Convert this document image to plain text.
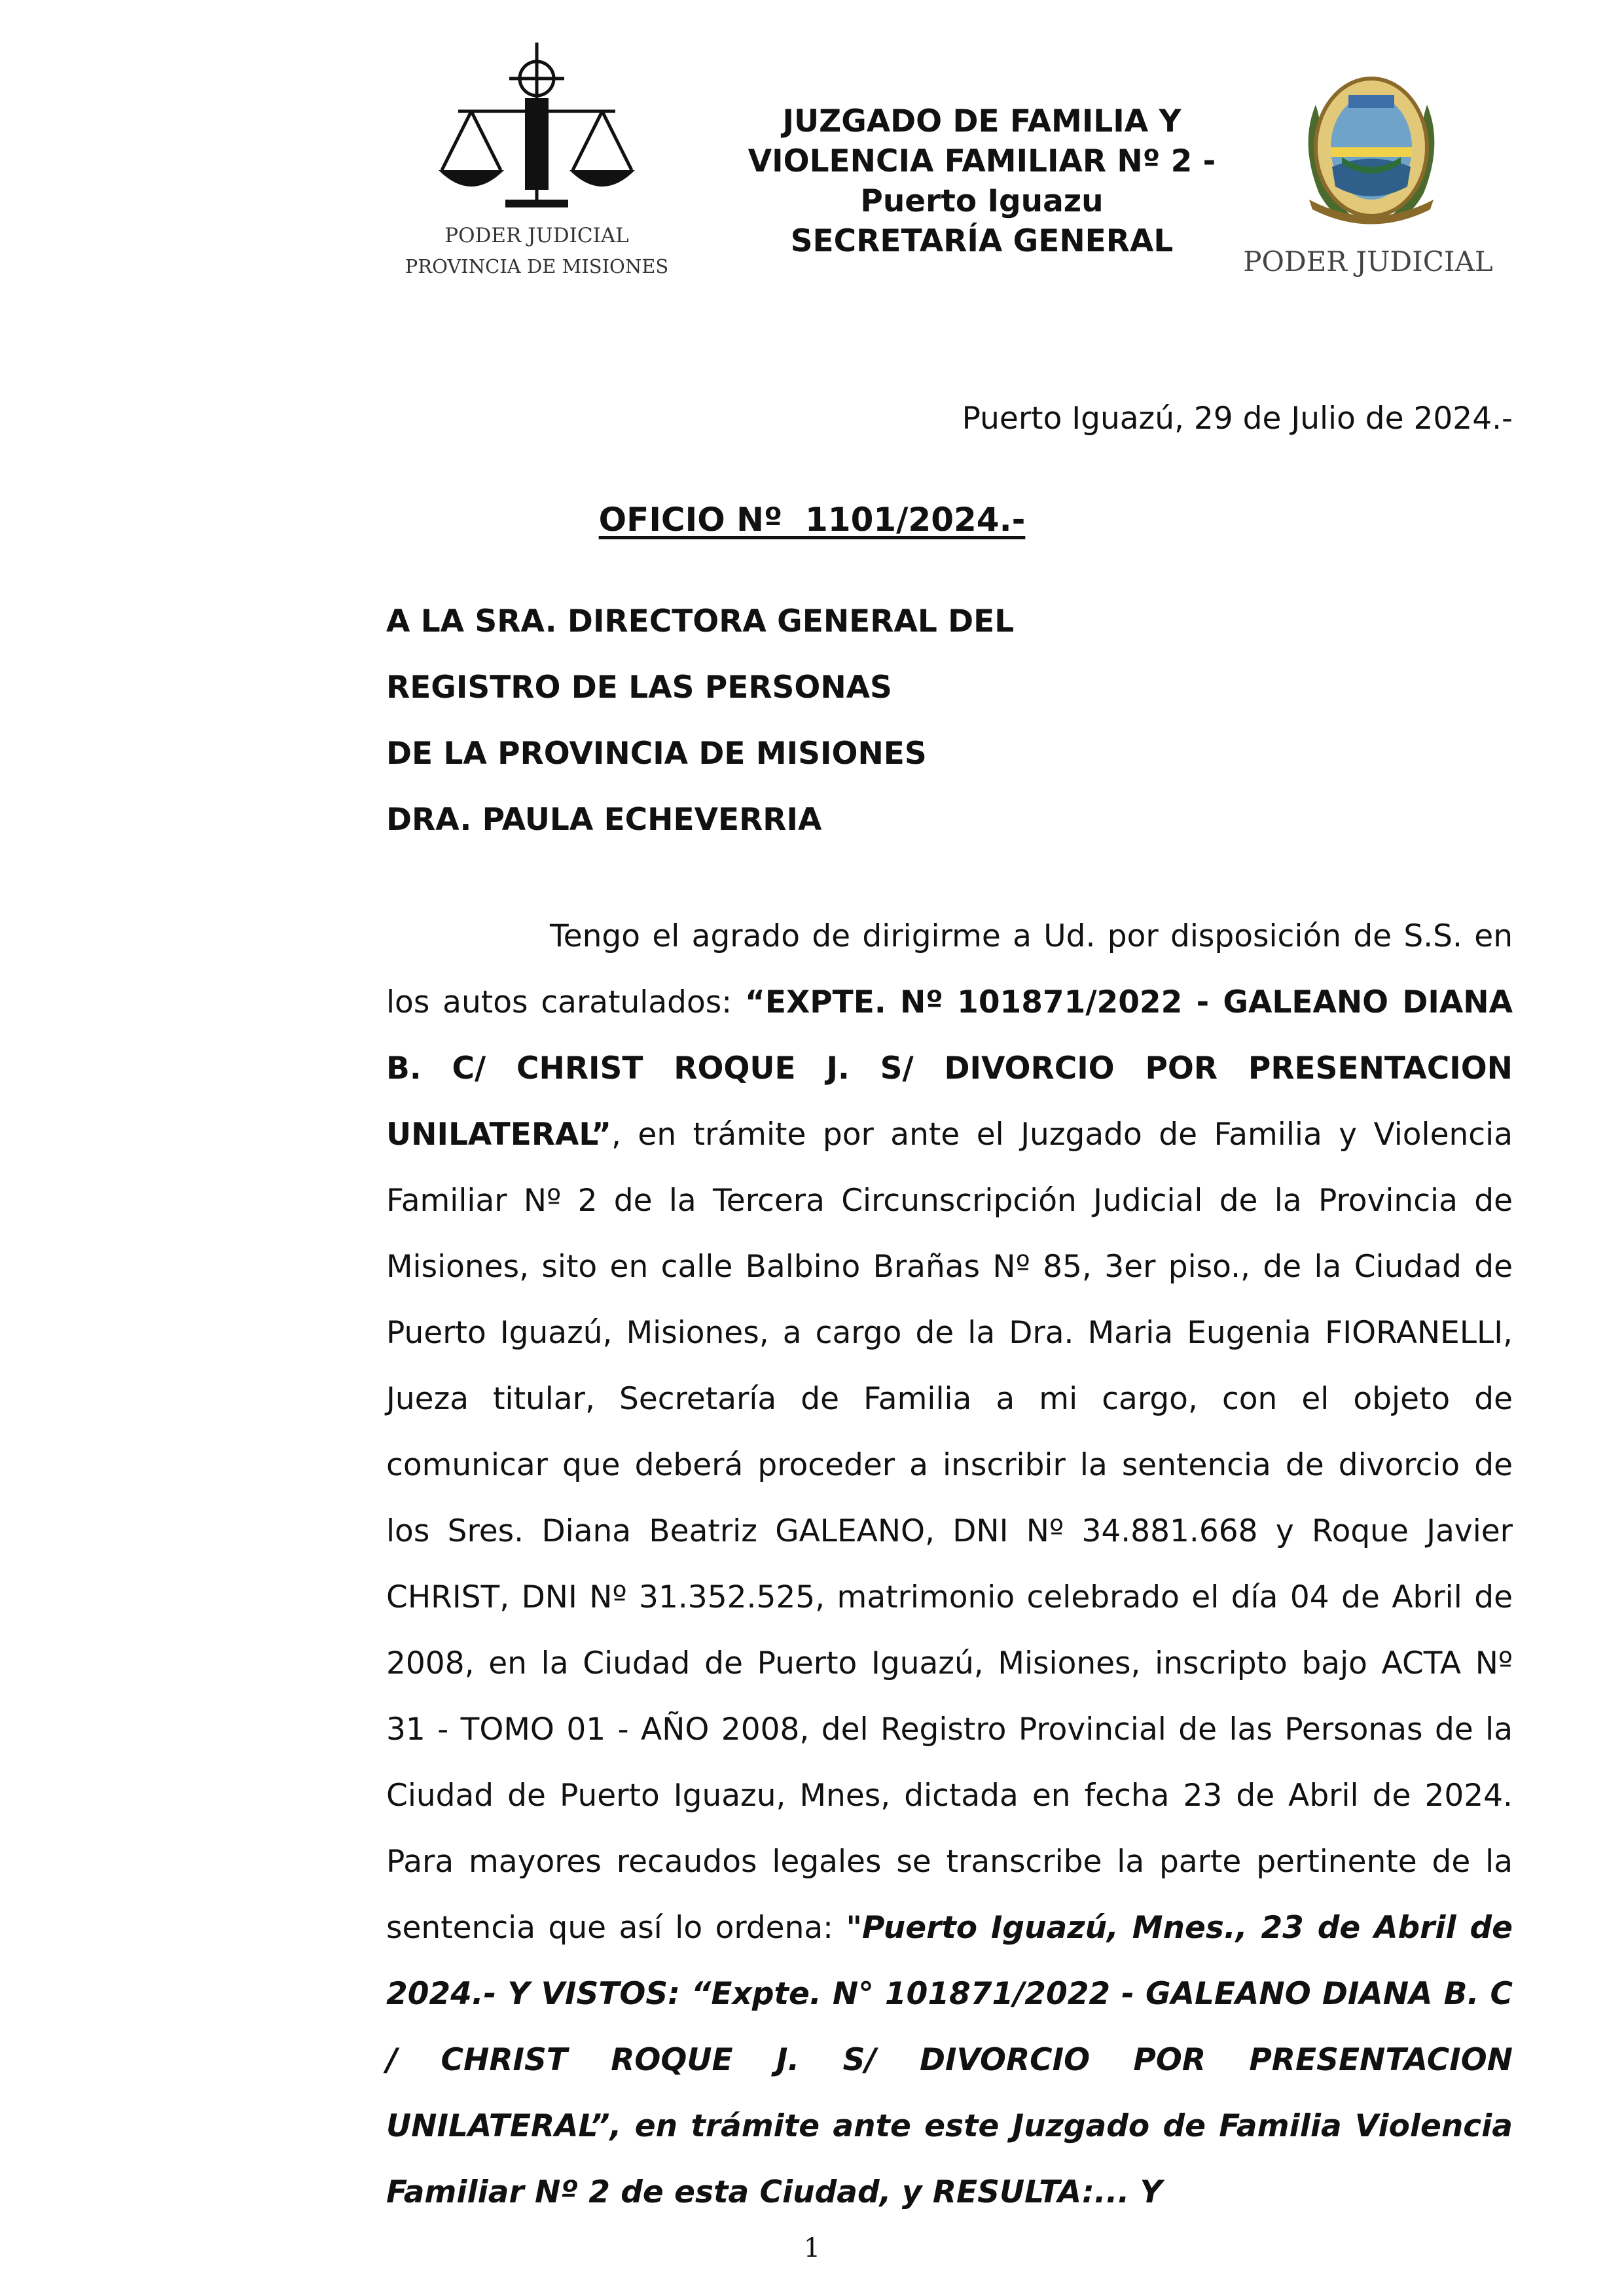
PODER JUDICIAL
PROVINCIA DE MISIONES
JUZGADO DE FAMILIA Y
VIOLENCIA FAMILIAR Nº 2 -
Puerto Iguazu
SECRETARÍA GENERAL
PODER JUDICIAL
Puerto Iguazú, 29 de Julio de 2024.-
OFICIO Nº  1101/2024.-
A LA SRA. DIRECTORA GENERAL DEL
REGISTRO DE LAS PERSONAS
DE LA PROVINCIA DE MISIONES
DRA. PAULA ECHEVERRIA

Tengo el agrado de dirigirme a Ud. por disposición de S.S. en los autos caratulados: “EXPTE. Nº 101871/2022 - GALEANO DIANA B. C/ CHRIST ROQUE J. S/ DIVORCIO POR PRESENTACION UNILATERAL”, en trámite por ante el Juzgado de Familia y Violencia Familiar Nº 2 de la Tercera Circunscripción Judicial de la Provincia de Misiones, sito en calle Balbino Brañas Nº 85, 3er piso., de la Ciudad de Puerto Iguazú, Misiones, a cargo de la Dra. Maria Eugenia FIORANELLI, Jueza titular, Secretaría de Familia a mi cargo, con el objeto de comunicar que deberá proceder a inscribir la sentencia de divorcio de los Sres. Diana Beatriz GALEANO, DNI Nº 34.881.668 y Roque Javier CHRIST, DNI Nº 31.352.525, matrimonio celebrado el día 04 de Abril de 2008, en la Ciudad de Puerto Iguazú, Misiones, inscripto bajo ACTA Nº 31 - TOMO 01 - AÑO 2008, del Registro Provincial de las Personas de la Ciudad de Puerto Iguazu, Mnes, dictada en fecha 23 de Abril de 2024. Para mayores recaudos legales se transcribe la parte pertinente de la sentencia que así lo ordena: "Puerto Iguazú, Mnes., 23 de Abril de 2024.- Y VISTOS: “Expte. N° 101871/2022 - GALEANO DIANA B. C / CHRIST ROQUE J. S/ DIVORCIO POR PRESENTACION UNILATERAL”, en trámite ante este Juzgado de Familia Violencia Familiar Nº 2 de esta Ciudad, y RESULTA:... Y

1
